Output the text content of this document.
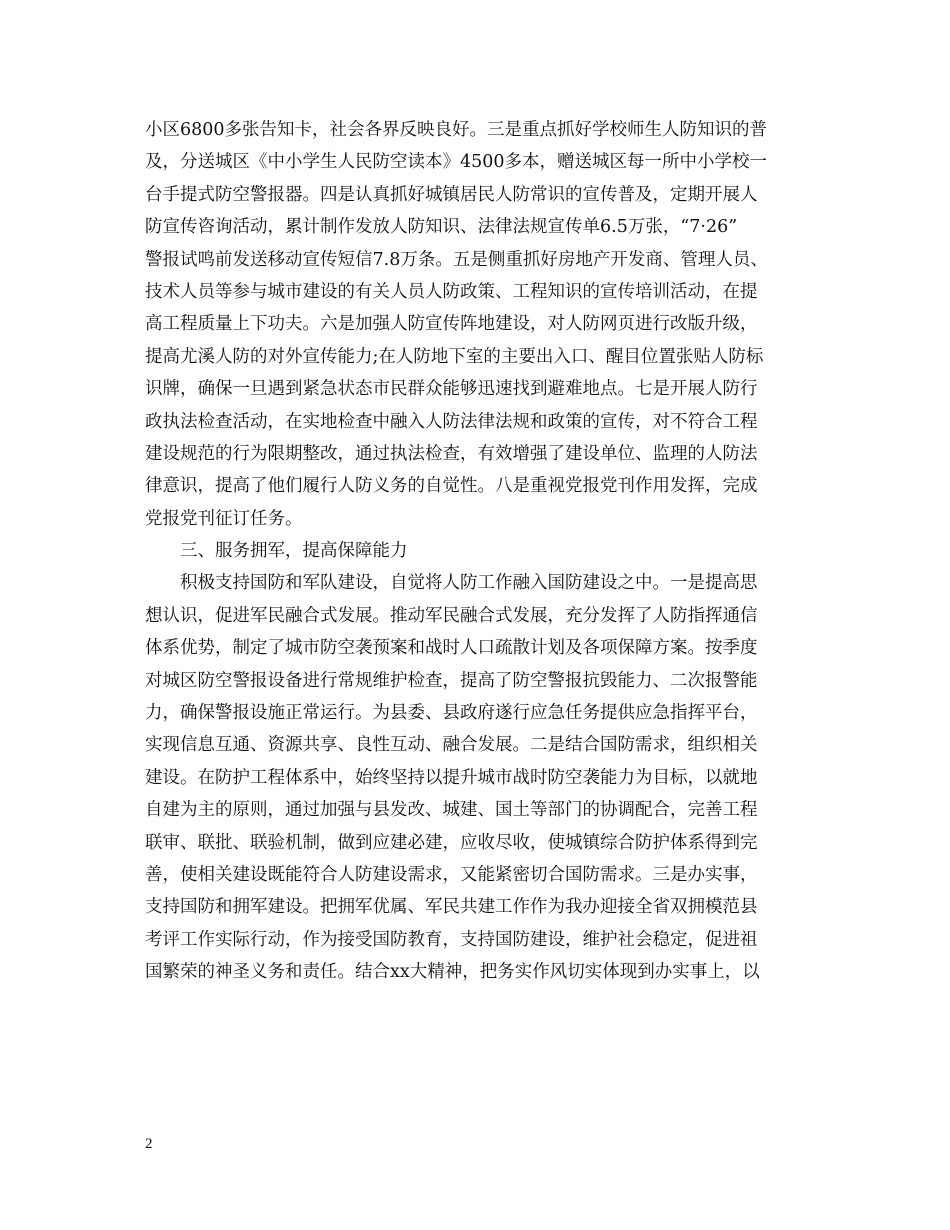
小区6800多张告知卡，社会各界反映良好。三是重点抓好学校师生人防知识的普
及，分送城区《中小学生人民防空读本》4500多本，赠送城区每一所中小学校一
台手提式防空警报器。四是认真抓好城镇居民人防常识的宣传普及，定期开展人
防宣传咨询活动，累计制作发放人防知识、法律法规宣传单6.5万张，“7·26”
警报试鸣前发送移动宣传短信7.8万条。五是侧重抓好房地产开发商、管理人员、
技术人员等参与城市建设的有关人员人防政策、工程知识的宣传培训活动，在提
高工程质量上下功夫。六是加强人防宣传阵地建设，对人防网页进行改版升级，
提高尤溪人防的对外宣传能力;在人防地下室的主要出入口、醒目位置张贴人防标
识牌，确保一旦遇到紧急状态市民群众能够迅速找到避难地点。七是开展人防行
政执法检查活动，在实地检查中融入人防法律法规和政策的宣传，对不符合工程
建设规范的行为限期整改，通过执法检查，有效增强了建设单位、监理的人防法
律意识，提高了他们履行人防义务的自觉性。八是重视党报党刊作用发挥，完成
党报党刊征订任务。
三、服务拥军，提高保障能力
积极支持国防和军队建设，自觉将人防工作融入国防建设之中。一是提高思
想认识，促进军民融合式发展。推动军民融合式发展，充分发挥了人防指挥通信
体系优势，制定了城市防空袭预案和战时人口疏散计划及各项保障方案。按季度
对城区防空警报设备进行常规维护检查，提高了防空警报抗毁能力、二次报警能
力，确保警报设施正常运行。为县委、县政府遂行应急任务提供应急指挥平台，
实现信息互通、资源共享、良性互动、融合发展。二是结合国防需求，组织相关
建设。在防护工程体系中，始终坚持以提升城市战时防空袭能力为目标，以就地
自建为主的原则，通过加强与县发改、城建、国土等部门的协调配合，完善工程
联审、联批、联验机制，做到应建必建，应收尽收，使城镇综合防护体系得到完
善，使相关建设既能符合人防建设需求，又能紧密切合国防需求。三是办实事，
支持国防和拥军建设。把拥军优属、军民共建工作作为我办迎接全省双拥模范县
考评工作实际行动，作为接受国防教育，支持国防建设，维护社会稳定，促进祖
国繁荣的神圣义务和责任。结合xx大精神，把务实作风切实体现到办实事上，以
2
